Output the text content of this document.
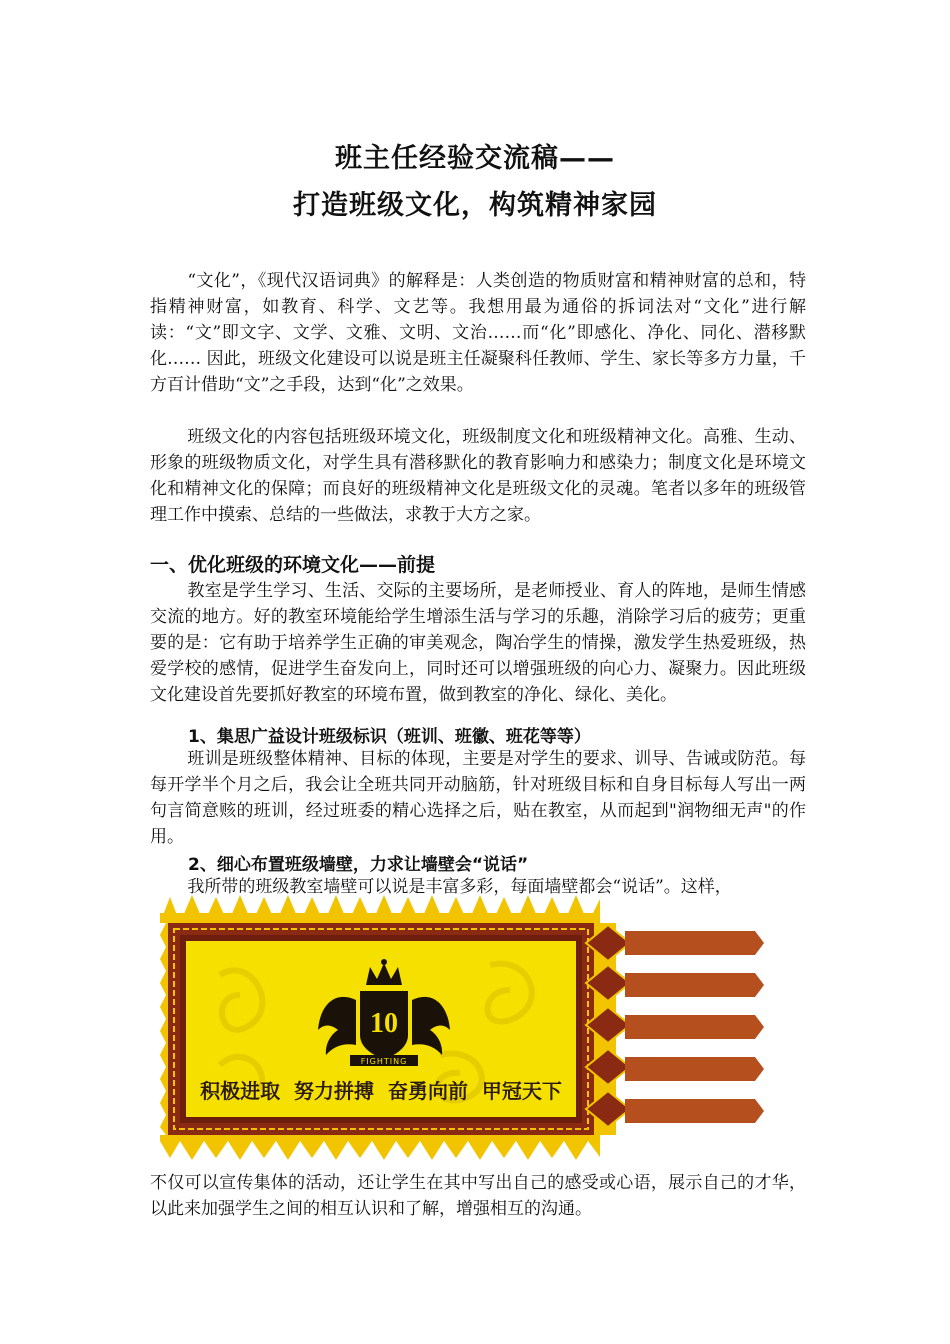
班主任经验交流稿——
打造班级文化，构筑精神家园

“文化”，《现代汉语词典》的解释是：人类创造的物质财富和精神财富的总和，特指精神财富，如教育、科学、文艺等。我想用最为通俗的拆词法对“文化”进行解读：“文”即文字、文学、文雅、文明、文治……而“化”即感化、净化、同化、潜移默化…… 因此，班级文化建设可以说是班主任凝聚科任教师、学生、家长等多方力量，千方百计借助“文”之手段，达到“化”之效果。

班级文化的内容包括班级环境文化，班级制度文化和班级精神文化。高雅、生动、形象的班级物质文化，对学生具有潜移默化的教育影响力和感染力；制度文化是环境文化和精神文化的保障；而良好的班级精神文化是班级文化的灵魂。笔者以多年的班级管理工作中摸索、总结的一些做法，求教于大方之家。

一、优化班级的环境文化——前提

教室是学生学习、生活、交际的主要场所，是老师授业、育人的阵地，是师生情感交流的地方。好的教室环境能给学生增添生活与学习的乐趣，消除学习后的疲劳；更重要的是：它有助于培养学生正确的审美观念，陶冶学生的情操，激发学生热爱班级，热爱学校的感情，促进学生奋发向上，同时还可以增强班级的向心力、凝聚力。因此班级文化建设首先要抓好教室的环境布置，做到教室的净化、绿化、美化。

1、集思广益设计班级标识（班训、班徽、班花等等）

班训是班级整体精神、目标的体现，主要是对学生的要求、训导、告诫或防范。每每开学半个月之后，我会让全班共同开动脑筋，针对班级目标和自身目标每人写出一两句言简意赅的班训，经过班委的精心选择之后，贴在教室，从而起到"润物细无声"的作用。

2、细心布置班级墙壁，力求让墙壁会“说话”

我所带的班级教室墙壁可以说是丰富多彩，每面墙壁都会“说话”。这样，

10
FIGHTING
积极进取  努力拼搏  奋勇向前  甲冠天下

不仅可以宣传集体的活动，还让学生在其中写出自己的感受或心语，展示自己的才华，以此来加强学生之间的相互认识和了解，增强相互的沟通。
